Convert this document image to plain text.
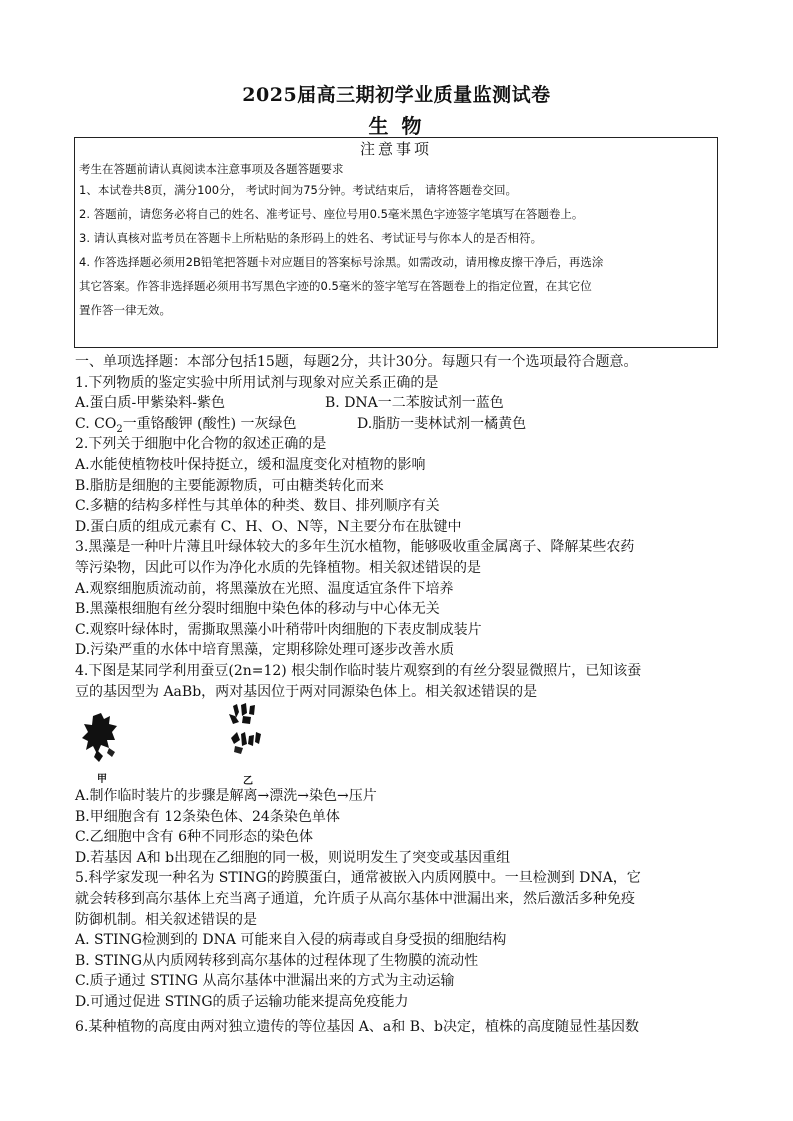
2025届高三期初学业质量监测试卷
生 物
注意事项
考生在答题前请认真阅读本注意事项及各题答题要求
1、本试卷共8页，满分100分， 考试时间为75分钟。考试结束后， 请将答题卷交回。
2. 答题前，请您务必将自己的姓名、准考证号、座位号用0.5毫米黑色字迹签字笔填写在答题卷上。
3. 请认真核对监考员在答题卡上所粘贴的条形码上的姓名、考试证号与你本人的是否相符。
4. 作答选择题必须用2B铅笔把答题卡对应题目的答案标号涂黑。如需改动，请用橡皮擦干净后，再选涂
其它答案。作答非选择题必须用书写黑色字迹的0.5毫米的签字笔写在答题卷上的指定位置，在其它位
置作答一律无效。
一、单项选择题：本部分包括15题，每题2分，共计30分。每题只有一个选项最符合题意。
1.下列物质的鉴定实验中所用试剂与现象对应关系正确的是
A.蛋白质-甲紫染料-紫色	B. DNA一二苯胺试剂一蓝色
C. $CO_2$一重铬酸钾 (酸性) 一灰绿色	D.脂肪一斐林试剂一橘黄色
2.下列关于细胞中化合物的叙述正确的是
A.水能使植物枝叶保持挺立，缓和温度变化对植物的影响
B.脂肪是细胞的主要能源物质，可由糖类转化而来
C.多糖的结构多样性与其单体的种类、数目、排列顺序有关
D.蛋白质的组成元素有 C、H、O、N等，N主要分布在肽键中
3.黑藻是一种叶片薄且叶绿体较大的多年生沉水植物，能够吸收重金属离子、降解某些农药
等污染物，因此可以作为净化水质的先锋植物。相关叙述错误的是
A.观察细胞质流动前，将黑藻放在光照、温度适宜条件下培养
B.黑藻根细胞有丝分裂时细胞中染色体的移动与中心体无关
C.观察叶绿体时，需撕取黑藻小叶稍带叶肉细胞的下表皮制成装片
D.污染严重的水体中培育黑藻，定期移除处理可逐步改善水质
4.下图是某同学利用蚕豆(2n=12) 根尖制作临时装片观察到的有丝分裂显微照片，已知该蚕
豆的基因型为 AaBb，两对基因位于两对同源染色体上。相关叙述错误的是
甲	乙
A.制作临时装片的步骤是解离→漂洗→染色→压片
B.甲细胞含有 12条染色体、24条染色单体
C.乙细胞中含有 6种不同形态的染色体
D.若基因 A和 b出现在乙细胞的同一极，则说明发生了突变或基因重组
5.科学家发现一种名为 STING的跨膜蛋白，通常被嵌入内质网膜中。一旦检测到 DNA，它
就会转移到高尔基体上充当离子通道，允许质子从高尔基体中泄漏出来，然后激活多种免疫
防御机制。相关叙述错误的是
A. STING检测到的 DNA 可能来自入侵的病毒或自身受损的细胞结构
B. STING从内质网转移到高尔基体的过程体现了生物膜的流动性
C.质子通过 STING 从高尔基体中泄漏出来的方式为主动运输
D.可通过促进 STING的质子运输功能来提高免疫能力
6.某种植物的高度由两对独立遗传的等位基因 A、a和 B、b决定，植株的高度随显性基因数
